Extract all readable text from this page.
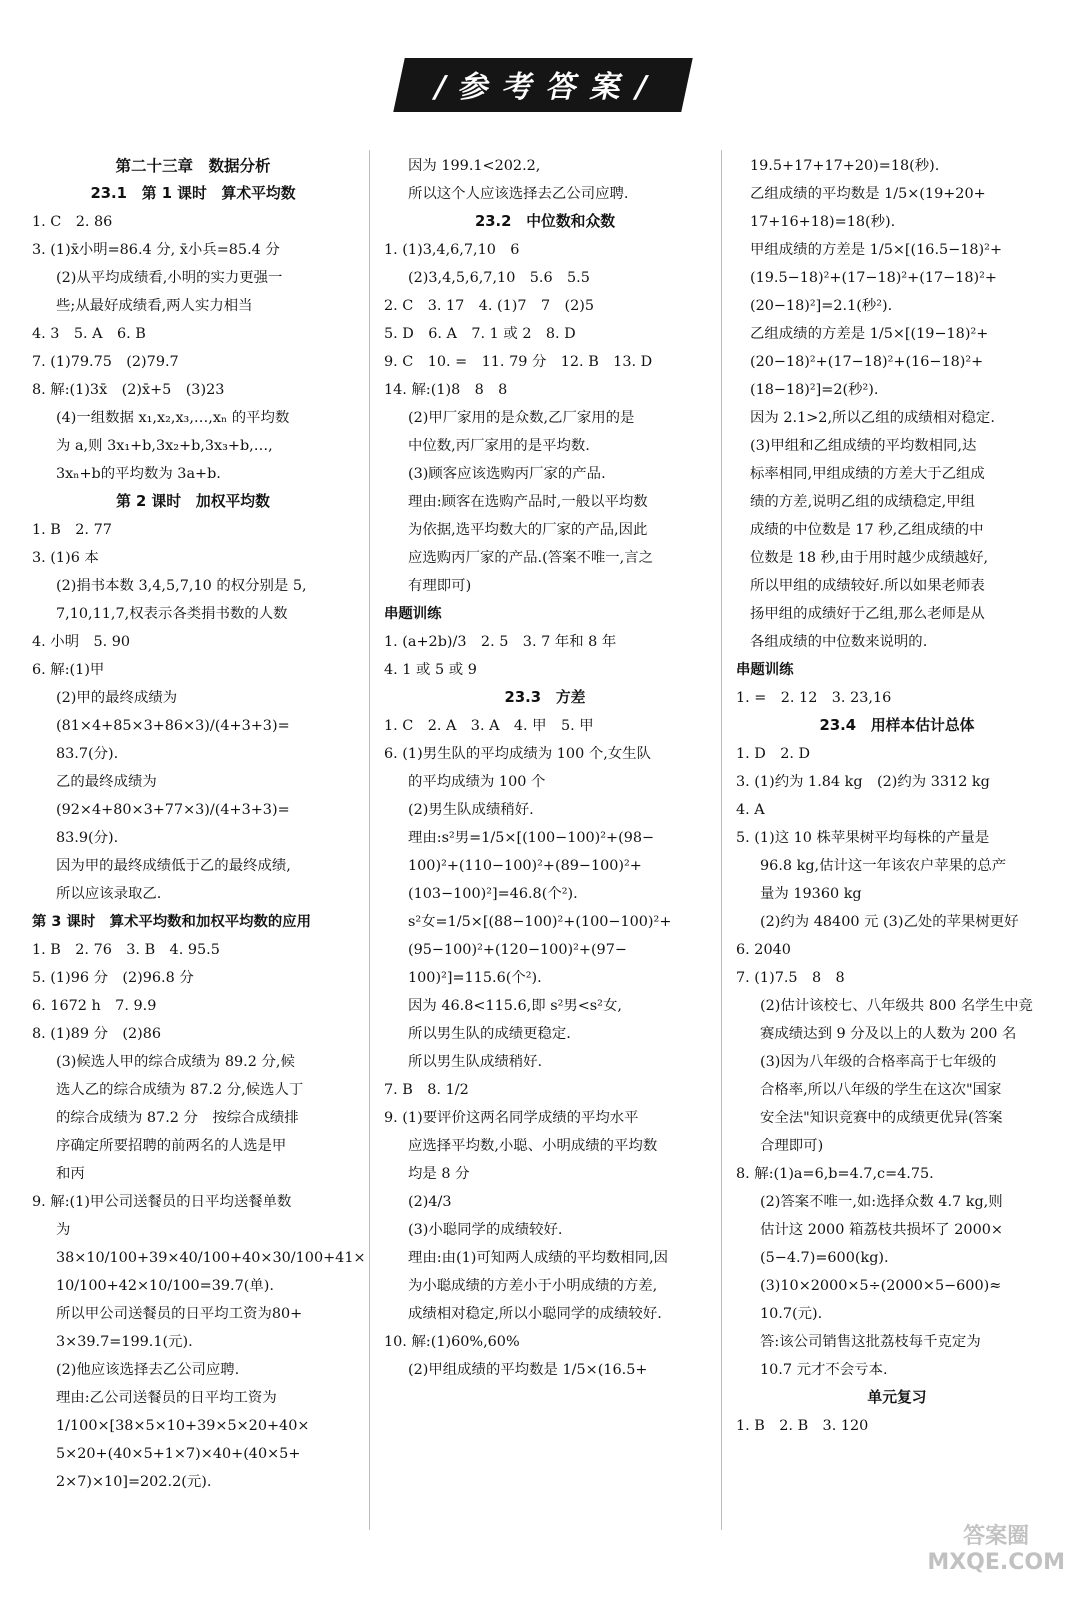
/参考答案/
第二十三章　数据分析
23.1　第 1 课时　算术平均数
1. C　2. 86
3. (1)x̄小明=86.4 分, x̄小兵=85.4 分
(2)从平均成绩看,小明的实力更强一
些;从最好成绩看,两人实力相当
4. 3　5. A　6. B
7. (1)79.75　(2)79.7
8. 解:(1)3x̄　(2)x̄+5　(3)23
(4)一组数据 x₁,x₂,x₃,…,xₙ 的平均数
为 a,则 3x₁+b,3x₂+b,3x₃+b,…,
3xₙ+b的平均数为 3a+b.
第 2 课时　加权平均数
1. B　2. 77
3. (1)6 本
(2)捐书本数 3,4,5,7,10 的权分别是 5,
7,10,11,7,权表示各类捐书数的人数
4. 小明　5. 90
6. 解:(1)甲
(2)甲的最终成绩为 (81×4+85×3+86×3)/(4+3+3)=
83.7(分).
乙的最终成绩为 (92×4+80×3+77×3)/(4+3+3)=
83.9(分).
因为甲的最终成绩低于乙的最终成绩,
所以应该录取乙.
第 3 课时　算术平均数和加权平均数的应用
1. B　2. 76　3. B　4. 95.5
5. (1)96 分　(2)96.8 分
6. 1672 h　7. 9.9
8. (1)89 分　(2)86
(3)候选人甲的综合成绩为 89.2 分,候
选人乙的综合成绩为 87.2 分,候选人丁
的综合成绩为 87.2 分　按综合成绩排
序确定所要招聘的前两名的人选是甲
和丙
9. 解:(1)甲公司送餐员的日平均送餐单数
为 38×10/100+39×40/100+40×30/100+41×
10/100+42×10/100=39.7(单).
所以甲公司送餐员的日平均工资为80+
3×39.7=199.1(元).
(2)他应该选择去乙公司应聘.
理由:乙公司送餐员的日平均工资为
1/100×[38×5×10+39×5×20+40×
5×20+(40×5+1×7)×40+(40×5+
2×7)×10]=202.2(元).
因为 199.1<202.2,
所以这个人应该选择去乙公司应聘.
23.2　中位数和众数
1. (1)3,4,6,7,10　6
(2)3,4,5,6,7,10　5.6　5.5
2. C　3. 17　4. (1)7　7　(2)5
5. D　6. A　7. 1 或 2　8. D
9. C　10. =　11. 79 分　12. B　13. D
14. 解:(1)8　8　8
(2)甲厂家用的是众数,乙厂家用的是
中位数,丙厂家用的是平均数.
(3)顾客应该选购丙厂家的产品.
理由:顾客在选购产品时,一般以平均数
为依据,选平均数大的厂家的产品,因此
应选购丙厂家的产品.(答案不唯一,言之
有理即可)
串题训练
1. (a+2b)/3　2. 5　3. 7 年和 8 年
4. 1 或 5 或 9
23.3　方差
1. C　2. A　3. A　4. 甲　5. 甲
6. (1)男生队的平均成绩为 100 个,女生队
的平均成绩为 100 个
(2)男生队成绩稍好.
理由:s²男=1/5×[(100−100)²+(98−
100)²+(110−100)²+(89−100)²+
(103−100)²]=46.8(个²).
s²女=1/5×[(88−100)²+(100−100)²+
(95−100)²+(120−100)²+(97−
100)²]=115.6(个²).
因为 46.8<115.6,即 s²男<s²女,
所以男生队的成绩更稳定.
所以男生队成绩稍好.
7. B　8. 1/2
9. (1)要评价这两名同学成绩的平均水平
应选择平均数,小聪、小明成绩的平均数
均是 8 分
(2)4/3
(3)小聪同学的成绩较好.
理由:由(1)可知两人成绩的平均数相同,因
为小聪成绩的方差小于小明成绩的方差,
成绩相对稳定,所以小聪同学的成绩较好.
10. 解:(1)60%,60%
(2)甲组成绩的平均数是 1/5×(16.5+
19.5+17+17+20)=18(秒).
乙组成绩的平均数是 1/5×(19+20+
17+16+18)=18(秒).
甲组成绩的方差是 1/5×[(16.5−18)²+
(19.5−18)²+(17−18)²+(17−18)²+
(20−18)²]=2.1(秒²).
乙组成绩的方差是 1/5×[(19−18)²+
(20−18)²+(17−18)²+(16−18)²+
(18−18)²]=2(秒²).
因为 2.1>2,所以乙组的成绩相对稳定.
(3)甲组和乙组成绩的平均数相同,达
标率相同,甲组成绩的方差大于乙组成
绩的方差,说明乙组的成绩稳定,甲组
成绩的中位数是 17 秒,乙组成绩的中
位数是 18 秒,由于用时越少成绩越好,
所以甲组的成绩较好.所以如果老师表
扬甲组的成绩好于乙组,那么老师是从
各组成绩的中位数来说明的.
串题训练
1. =　2. 12　3. 23,16
23.4　用样本估计总体
1. D　2. D
3. (1)约为 1.84 kg　(2)约为 3312 kg
4. A
5. (1)这 10 株苹果树平均每株的产量是
96.8 kg,估计这一年该农户苹果的总产
量为 19360 kg
(2)约为 48400 元 (3)乙处的苹果树更好
6. 2040
7. (1)7.5　8　8
(2)估计该校七、八年级共 800 名学生中竞
赛成绩达到 9 分及以上的人数为 200 名
(3)因为八年级的合格率高于七年级的
合格率,所以八年级的学生在这次"国家
安全法"知识竞赛中的成绩更优异(答案
合理即可)
8. 解:(1)a=6,b=4.7,c=4.75.
(2)答案不唯一,如:选择众数 4.7 kg,则
估计这 2000 箱荔枝共损坏了 2000×
(5−4.7)=600(kg).
(3)10×2000×5÷(2000×5−600)≈
10.7(元).
答:该公司销售这批荔枝每千克定为
10.7 元才不会亏本.
单元复习
1. B　2. B　3. 120
答案圈
MXQE.COM
